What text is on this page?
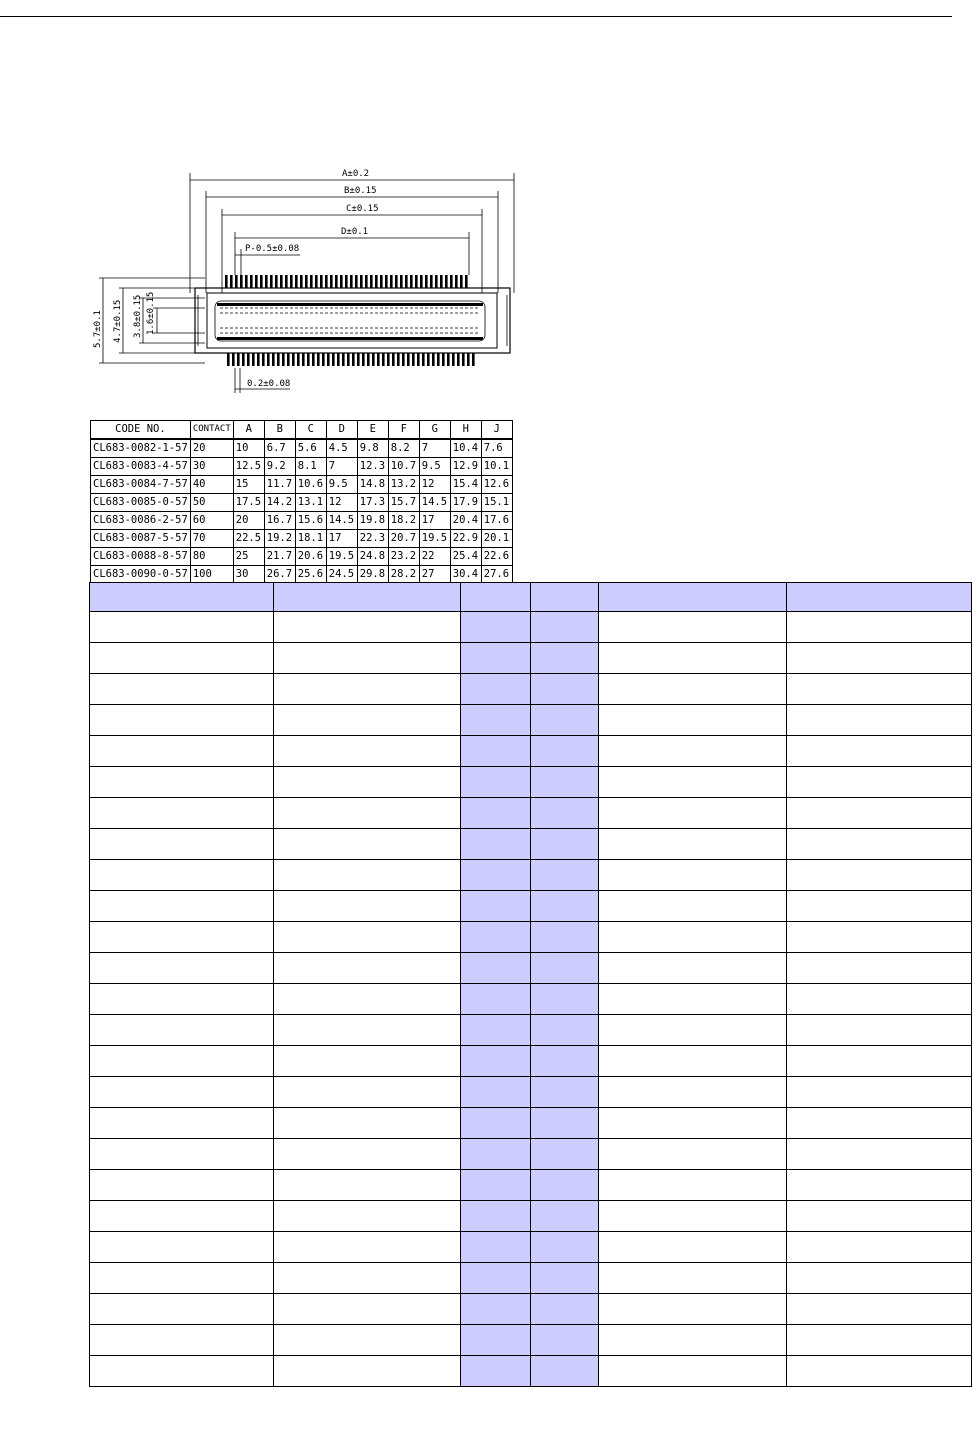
A±0.2
B±0.15
C±0.15
D±0.1
P-0.5±0.08
5.7±0.1 4.7±0.15 3.8±0.15 1.6±0.15
0.2±0.08
CODE NO.	CONTACT	A	B	C	D	E	F	G	H	J
CL683-0082-1-57	20	10	6.7	5.6	4.5	9.8	8.2	7	10.4	7.6
CL683-0083-4-57	30	12.5	9.2	8.1	7	12.3	10.7	9.5	12.9	10.1
CL683-0084-7-57	40	15	11.7	10.6	9.5	14.8	13.2	12	15.4	12.6
CL683-0085-0-57	50	17.5	14.2	13.1	12	17.3	15.7	14.5	17.9	15.1
CL683-0086-2-57	60	20	16.7	15.6	14.5	19.8	18.2	17	20.4	17.6
CL683-0087-5-57	70	22.5	19.2	18.1	17	22.3	20.7	19.5	22.9	20.1
CL683-0088-8-57	80	25	21.7	20.6	19.5	24.8	23.2	22	25.4	22.6
CL683-0090-0-57	100	30	26.7	25.6	24.5	29.8	28.2	27	30.4	27.6
